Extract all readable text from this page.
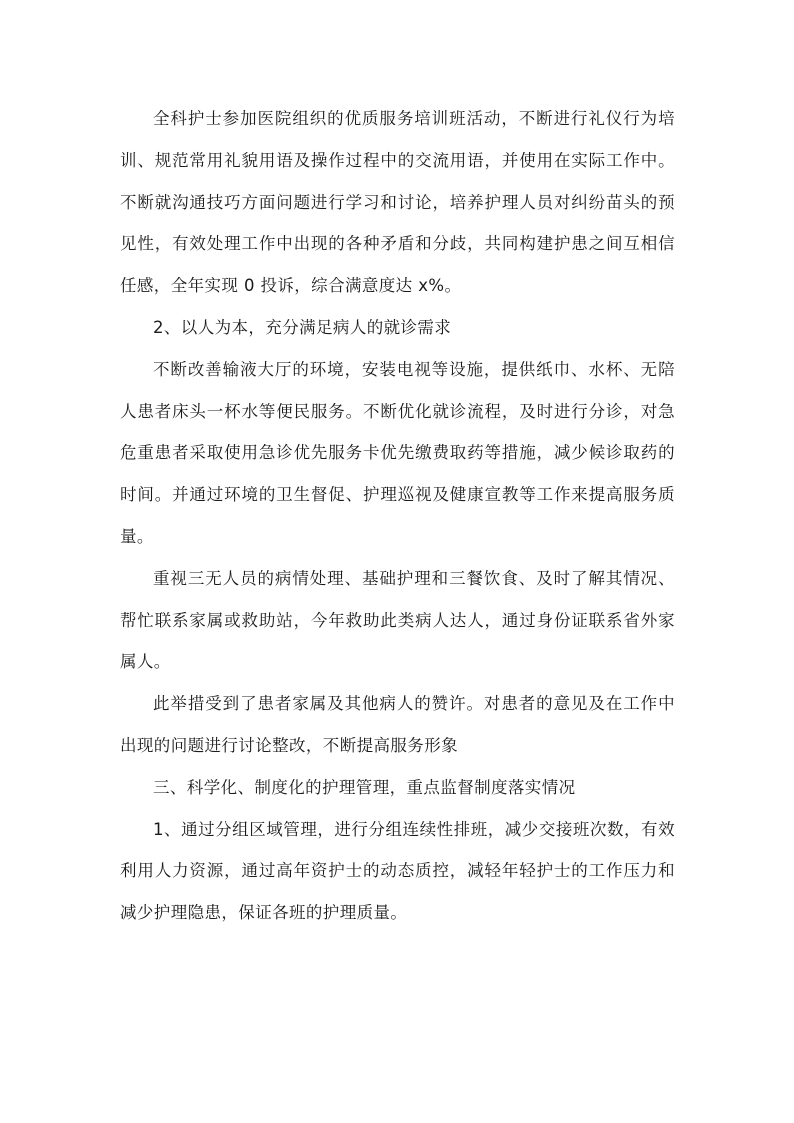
全科护士参加医院组织的优质服务培训班活动，不断进行礼仪行为培训、规范常用礼貌用语及操作过程中的交流用语，并使用在实际工作中。不断就沟通技巧方面问题进行学习和讨论，培养护理人员对纠纷苗头的预见性，有效处理工作中出现的各种矛盾和分歧，共同构建护患之间互相信任感，全年实现 0 投诉，综合满意度达 x%。

2、以人为本，充分满足病人的就诊需求

不断改善输液大厅的环境，安装电视等设施，提供纸巾、水杯、无陪人患者床头一杯水等便民服务。不断优化就诊流程，及时进行分诊，对急危重患者采取使用急诊优先服务卡优先缴费取药等措施，减少候诊取药的时间。并通过环境的卫生督促、护理巡视及健康宣教等工作来提高服务质量。

重视三无人员的病情处理、基础护理和三餐饮食、及时了解其情况、帮忙联系家属或救助站，今年救助此类病人达人，通过身份证联系省外家属人。

此举措受到了患者家属及其他病人的赞许。对患者的意见及在工作中出现的问题进行讨论整改，不断提高服务形象

三、科学化、制度化的护理管理，重点监督制度落实情况

1、通过分组区域管理，进行分组连续性排班，减少交接班次数，有效利用人力资源，通过高年资护士的动态质控，减轻年轻护士的工作压力和减少护理隐患，保证各班的护理质量。
